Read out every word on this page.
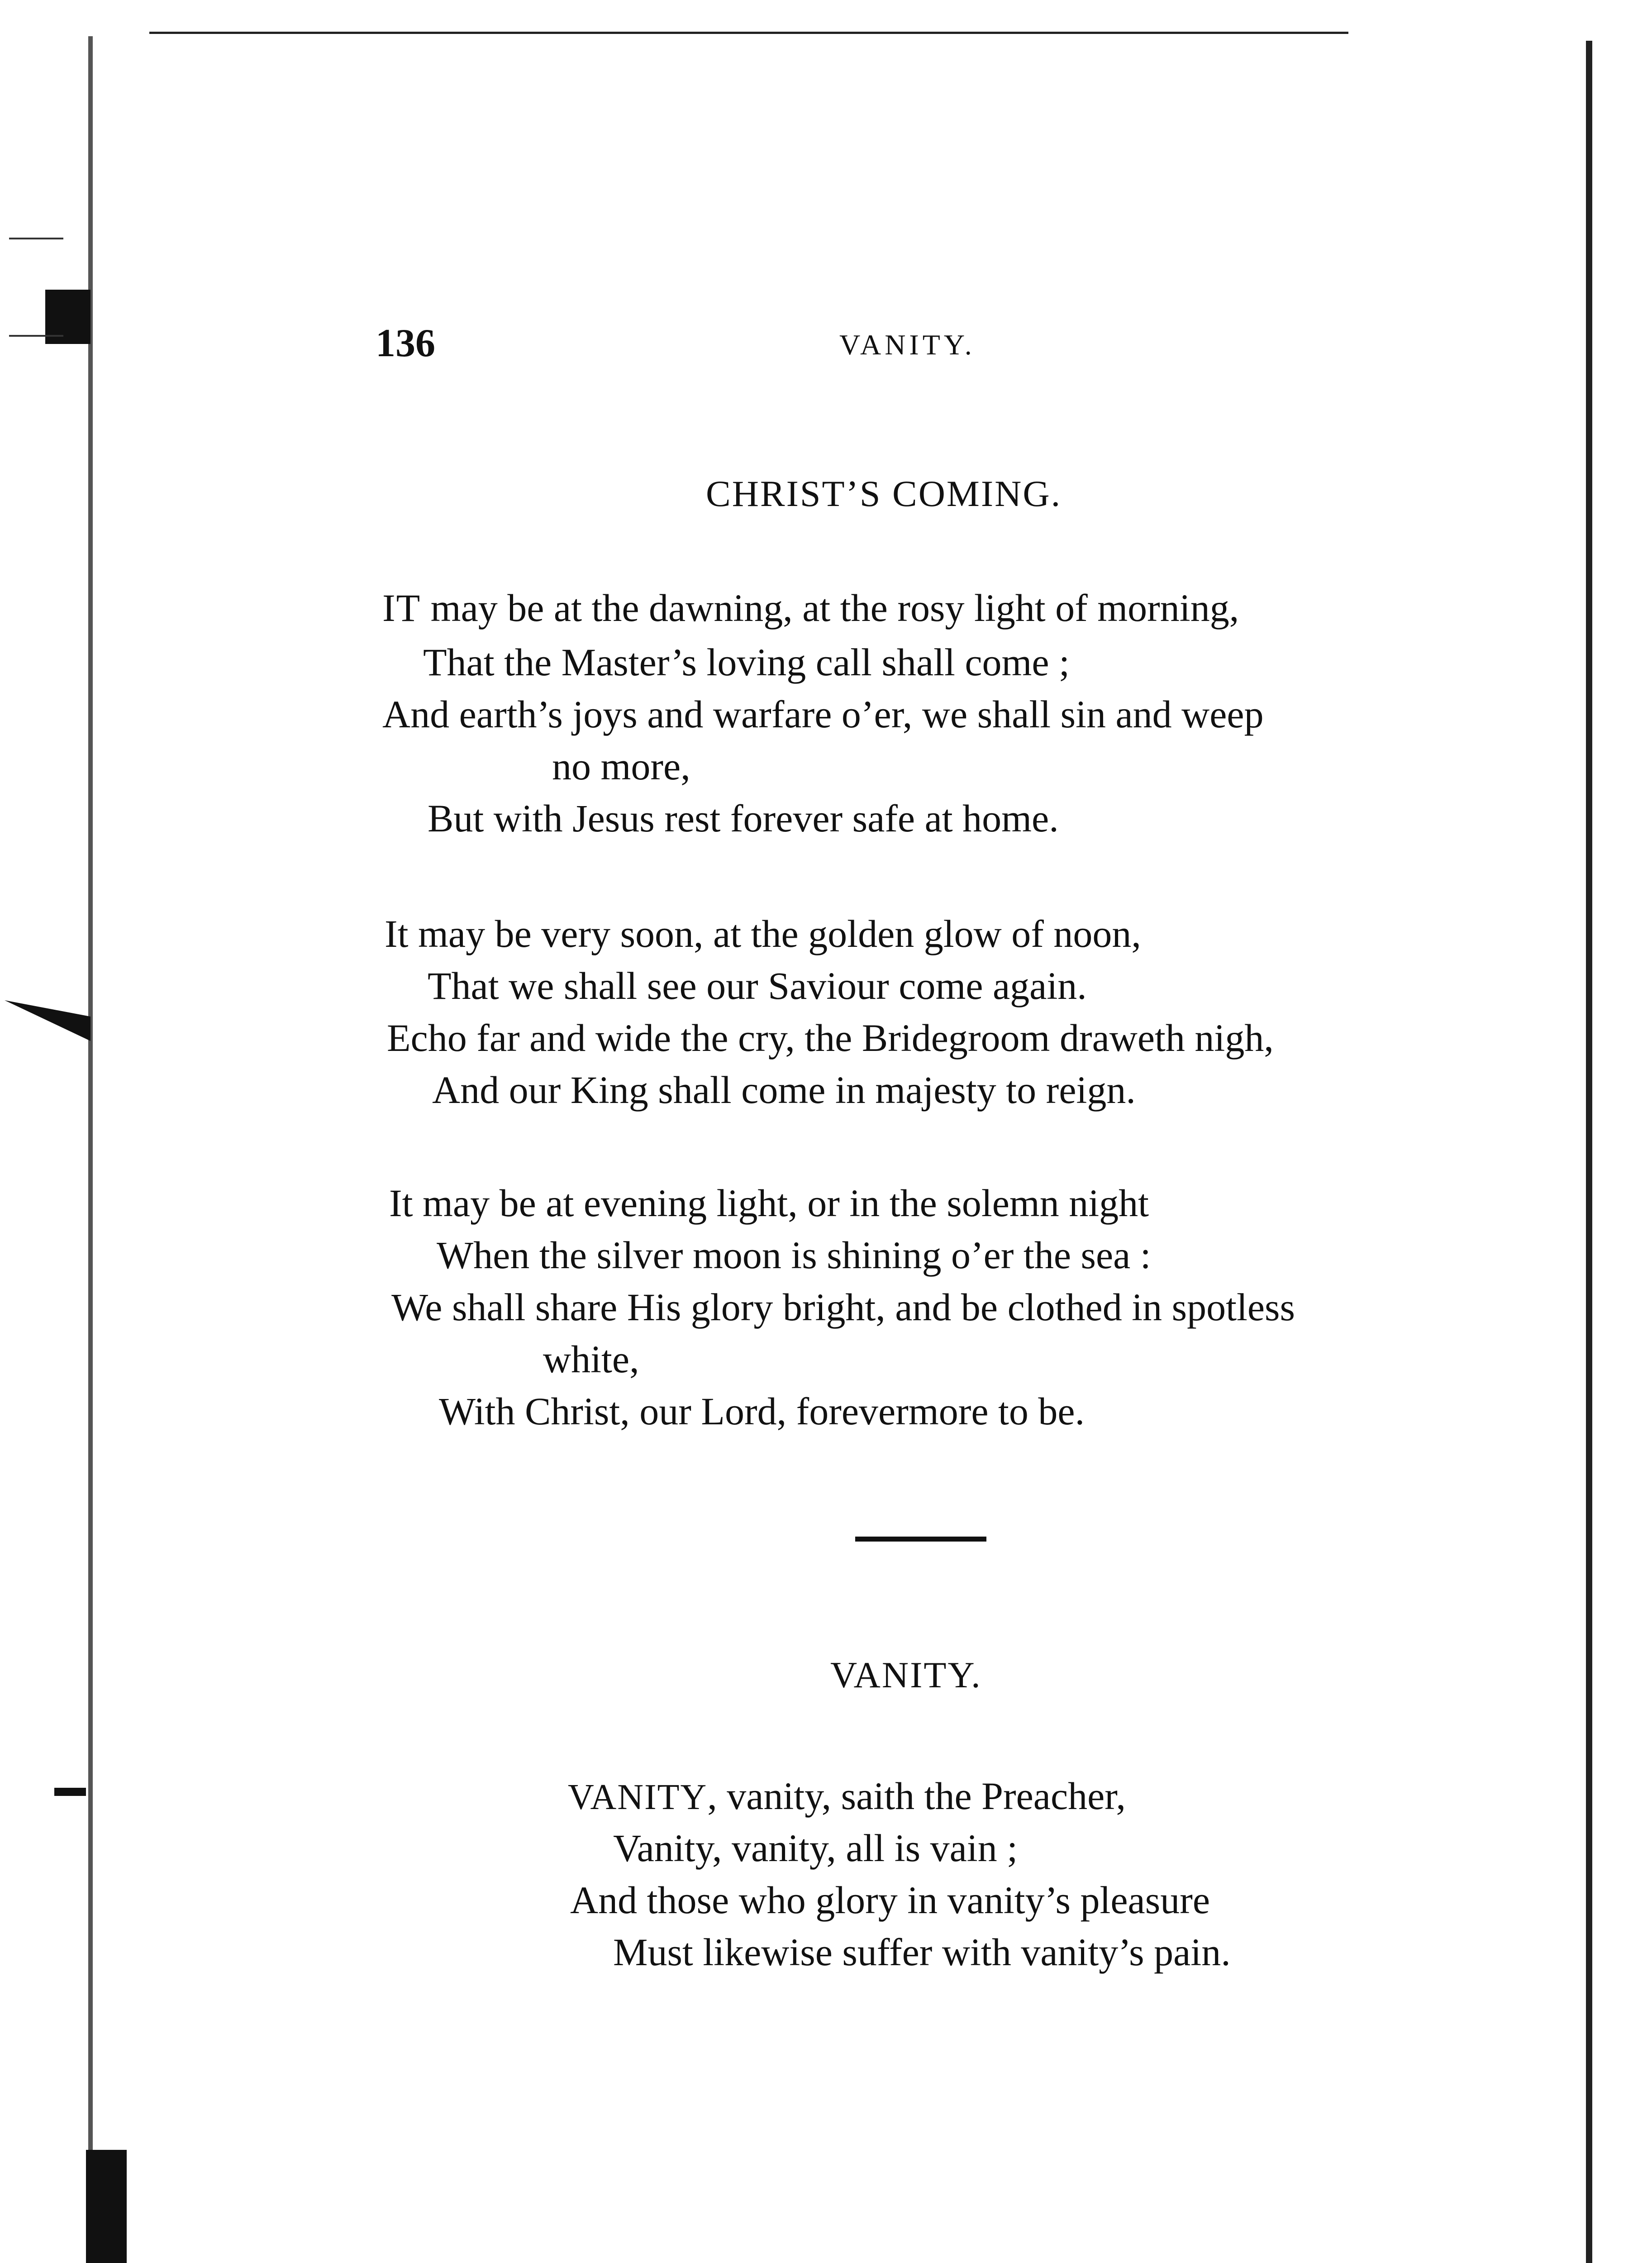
136	VANITY.
CHRIST’S COMING.
IT may be at the dawning, at the rosy light of morning,
That the Master’s loving call shall come ;
And earth’s joys and warfare o’er, we shall sin and weep
no more,
But with Jesus rest forever safe at home.
It may be very soon, at the golden glow of noon,
That we shall see our Saviour come again.
Echo far and wide the cry, the Bridegroom draweth nigh,
And our King shall come in majesty to reign.
It may be at evening light, or in the solemn night
When the silver moon is shining o’er the sea :
We shall share His glory bright, and be clothed in spotless
white,
With Christ, our Lord, forevermore to be.
VANITY.
VANITY, vanity, saith the Preacher,
Vanity, vanity, all is vain ;
And those who glory in vanity’s pleasure
Must likewise suffer with vanity’s pain.
